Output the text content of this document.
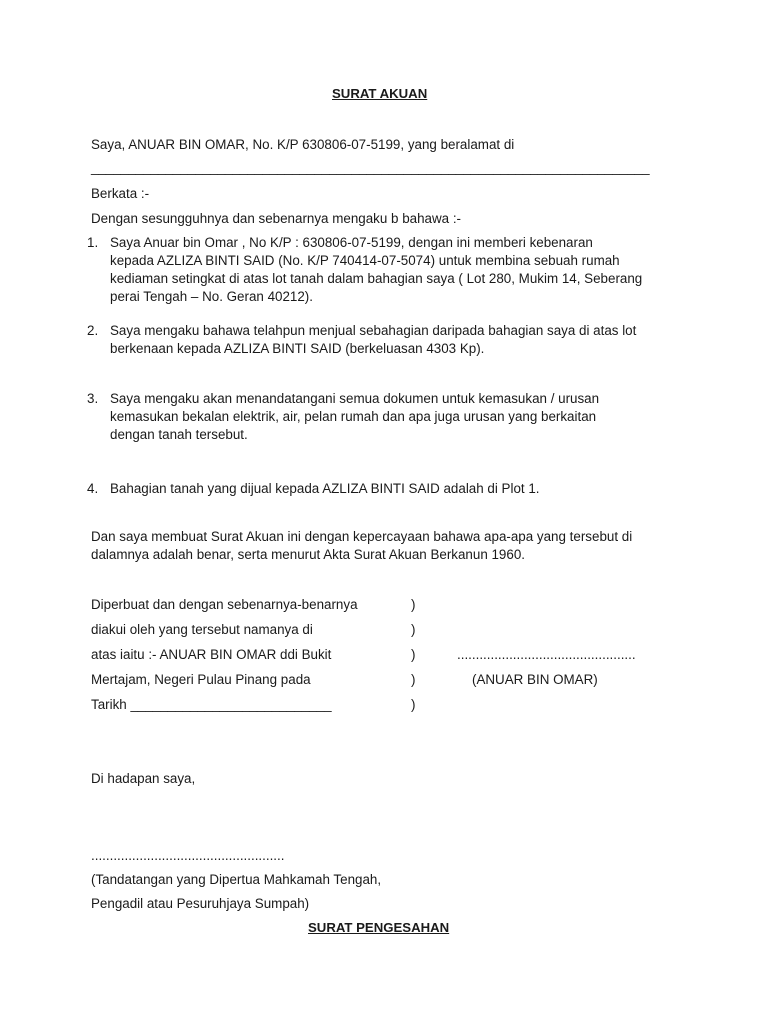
SURAT AKUAN
Saya, ANUAR BIN OMAR, No. K/P 630806-07-5199, yang beralamat di
___________________________________________________________________________
Berkata :-
Dengan sesungguhnya dan sebenarnya mengaku b bahawa :-
1. Saya Anuar bin Omar , No K/P : 630806-07-5199, dengan ini memberi kebenaran
kepada AZLIZA BINTI SAID (No. K/P 740414-07-5074) untuk membina sebuah rumah
kediaman setingkat di atas lot tanah dalam bahagian saya ( Lot 280, Mukim 14, Seberang
perai Tengah – No. Geran 40212).
2. Saya mengaku bahawa telahpun menjual sebahagian daripada bahagian saya di atas lot
berkenaan kepada AZLIZA BINTI SAID (berkeluasan 4303 Kp).
3. Saya mengaku akan menandatangani semua dokumen untuk kemasukan / urusan
kemasukan bekalan elektrik, air, pelan rumah dan apa juga urusan yang berkaitan
dengan tanah tersebut.
4. Bahagian tanah yang dijual kepada AZLIZA BINTI SAID adalah di Plot 1.
Dan saya membuat Surat Akuan ini dengan kepercayaan bahawa apa-apa yang tersebut di
dalamnya adalah benar, serta menurut Akta Surat Akuan Berkanun 1960.
Diperbuat dan dengan sebenarnya-benarnya
diakui oleh yang tersebut namanya di
atas iaitu :- ANUAR BIN OMAR ddi Bukit
Mertajam, Negeri Pulau Pinang pada
Tarikh ___________________________
)
)
)
)
)
................................................
(ANUAR BIN OMAR)
Di hadapan saya,
....................................................
(Tandatangan yang Dipertua Mahkamah Tengah,
Pengadil atau Pesuruhjaya Sumpah)
SURAT PENGESAHAN
